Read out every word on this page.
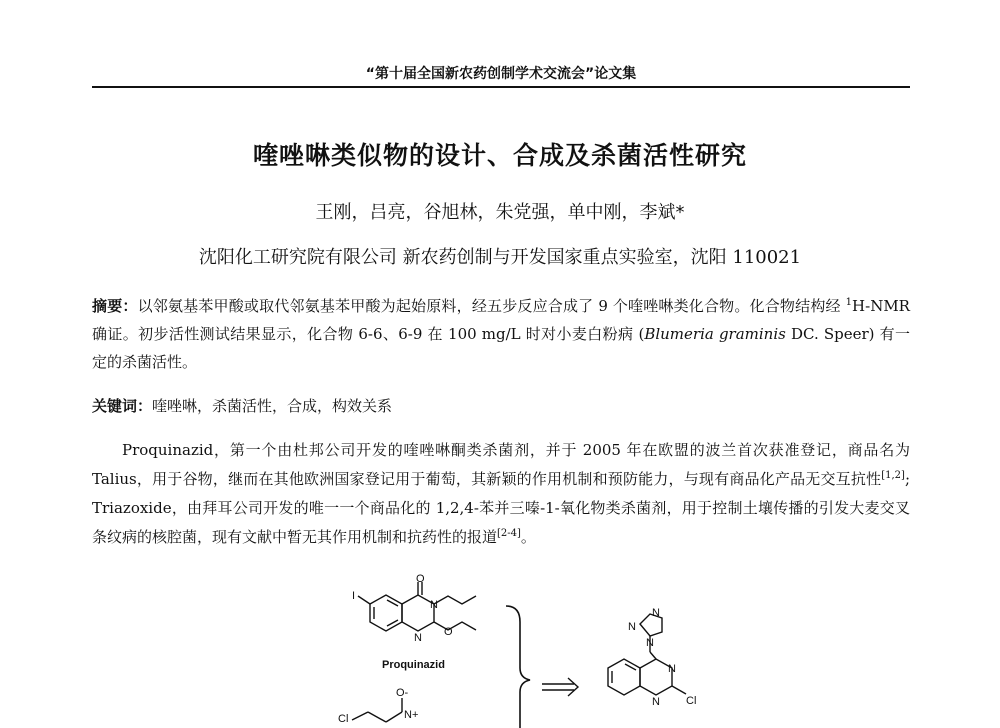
“第十届全国新农药创制学术交流会”论文集
喹唑啉类似物的设计、合成及杀菌活性研究
王刚，吕亮，谷旭林，朱党强，单中刚，李斌*
沈阳化工研究院有限公司 新农药创制与开发国家重点实验室，沈阳 110021
摘要：以邻氨基苯甲酸或取代邻氨基苯甲酸为起始原料，经五步反应合成了 9 个喹唑啉类化合物。化合物结构经 $^1$H-NMR 确证。初步活性测试结果显示，化合物 6-6、6-9 在 100 mg/L 时对小麦白粉病 (Blumeria graminis DC. Speer) 有一定的杀菌活性。
关键词：喹唑啉，杀菌活性，合成，构效关系
Proquinazid，第一个由杜邦公司开发的喹唑啉酮类杀菌剂，并于 2005 年在欧盟的波兰首次获准登记，商品名为 Talius，用于谷物，继而在其他欧洲国家登记用于葡萄，其新颖的作用机制和预防能力，与现有商品化产品无交互抗性[1,2]; Triazoxide，由拜耳公司开发的唯一一个商品化的 1,2,4-苯并三嗪-1-氧化物类杀菌剂，用于控制土壤传播的引发大麦交叉条纹病的核腔菌，现有文献中暂无其作用机制和抗药性的报道[2-4]。
I
O
N
N O
Proquinazid
Cl
O-
N+
N
N
N
N
N Cl
